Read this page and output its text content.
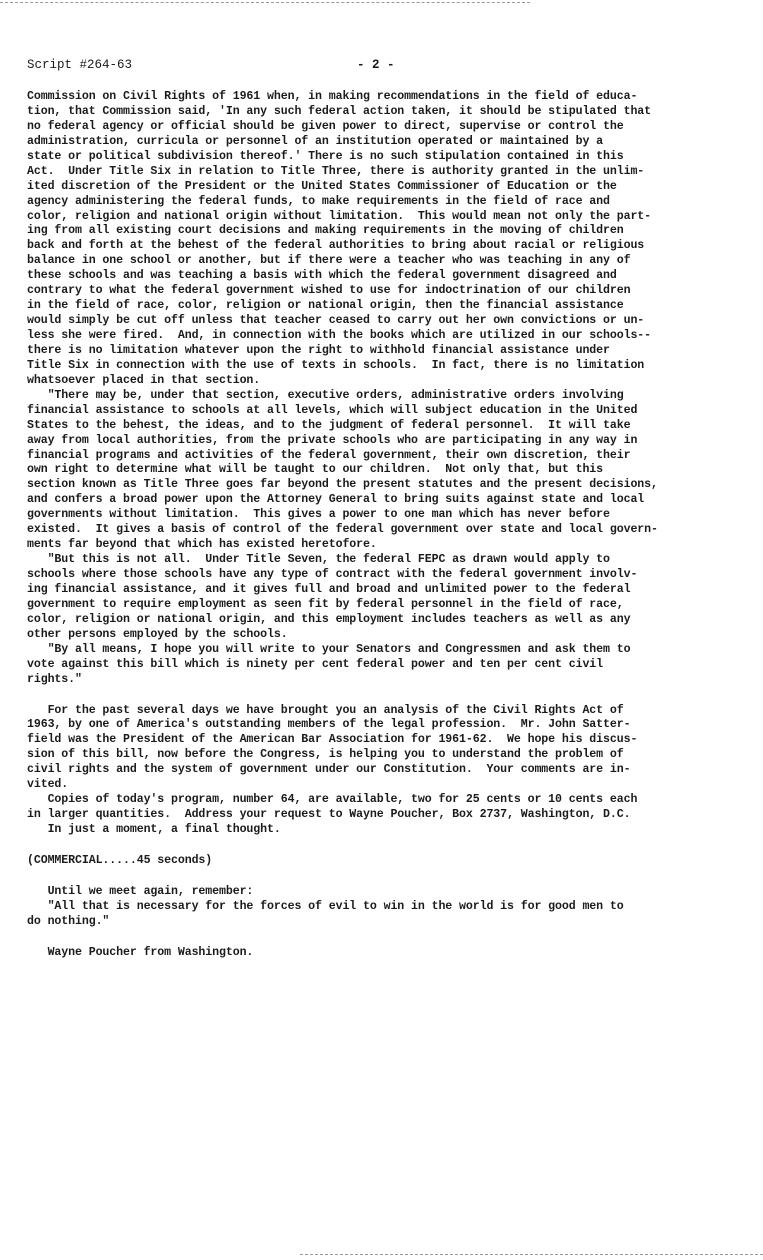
Script #264-63	- 2 -
Commission on Civil Rights of 1961 when, in making recommendations in the field of educa-
tion, that Commission said, 'In any such federal action taken, it should be stipulated that
no federal agency or official should be given power to direct, supervise or control the
administration, curricula or personnel of an institution operated or maintained by a
state or political subdivision thereof.' There is no such stipulation contained in this
Act.  Under Title Six in relation to Title Three, there is authority granted in the unlim-
ited discretion of the President or the United States Commissioner of Education or the
agency administering the federal funds, to make requirements in the field of race and
color, religion and national origin without limitation.  This would mean not only the part-
ing from all existing court decisions and making requirements in the moving of children
back and forth at the behest of the federal authorities to bring about racial or religious
balance in one school or another, but if there were a teacher who was teaching in any of
these schools and was teaching a basis with which the federal government disagreed and
contrary to what the federal government wished to use for indoctrination of our children
in the field of race, color, religion or national origin, then the financial assistance
would simply be cut off unless that teacher ceased to carry out her own convictions or un-
less she were fired.  And, in connection with the books which are utilized in our schools--
there is no limitation whatever upon the right to withhold financial assistance under
Title Six in connection with the use of texts in schools.  In fact, there is no limitation
whatsoever placed in that section.
"There may be, under that section, executive orders, administrative orders involving
financial assistance to schools at all levels, which will subject education in the United
States to the behest, the ideas, and to the judgment of federal personnel.  It will take
away from local authorities, from the private schools who are participating in any way in
financial programs and activities of the federal government, their own discretion, their
own right to determine what will be taught to our children.  Not only that, but this
section known as Title Three goes far beyond the present statutes and the present decisions,
and confers a broad power upon the Attorney General to bring suits against state and local
governments without limitation.  This gives a power to one man which has never before
existed.  It gives a basis of control of the federal government over state and local govern-
ments far beyond that which has existed heretofore.
"But this is not all.  Under Title Seven, the federal FEPC as drawn would apply to
schools where those schools have any type of contract with the federal government involv-
ing financial assistance, and it gives full and broad and unlimited power to the federal
government to require employment as seen fit by federal personnel in the field of race,
color, religion or national origin, and this employment includes teachers as well as any
other persons employed by the schools.
"By all means, I hope you will write to your Senators and Congressmen and ask them to
vote against this bill which is ninety per cent federal power and ten per cent civil
rights."
For the past several days we have brought you an analysis of the Civil Rights Act of
1963, by one of America's outstanding members of the legal profession.  Mr. John Satter-
field was the President of the American Bar Association for 1961-62.  We hope his discus-
sion of this bill, now before the Congress, is helping you to understand the problem of
civil rights and the system of government under our Constitution.  Your comments are in-
vited.
Copies of today's program, number 64, are available, two for 25 cents or 10 cents each
in larger quantities.  Address your request to Wayne Poucher, Box 2737, Washington, D.C.
In just a moment, a final thought.
(COMMERCIAL.....45 seconds)
Until we meet again, remember:
"All that is necessary for the forces of evil to win in the world is for good men to
do nothing."
Wayne Poucher from Washington.
